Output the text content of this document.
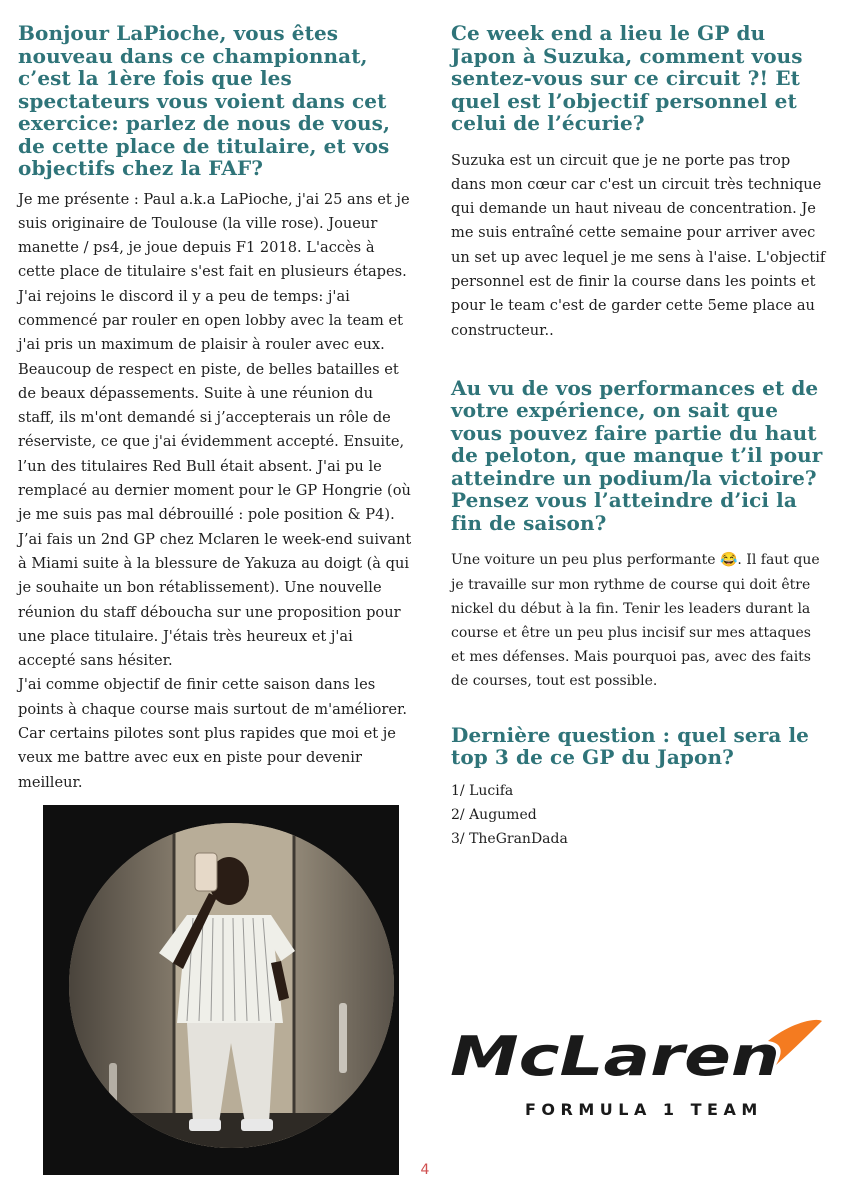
Bonjour LaPioche, vous êtes nouveau dans ce championnat, c’est la 1ère fois que les spectateurs vous voient dans cet exercice: parlez de nous de vous, de cette place de titulaire, et vos objectifs chez la FAF?

Je me présente : Paul a.k.a LaPioche, j'ai 25 ans et je suis originaire de Toulouse (la ville rose). Joueur manette / ps4, je joue depuis F1 2018. L'accès à cette place de titulaire s'est fait en plusieurs étapes. J'ai rejoins le discord il y a peu de temps: j'ai commencé par rouler en open lobby avec la team et j'ai pris un maximum de plaisir à rouler avec eux. Beaucoup de respect en piste, de belles batailles et de beaux dépassements. Suite à une réunion du staff, ils m'ont demandé si j’accepterais un rôle de réserviste, ce que j'ai évidemment accepté. Ensuite, l’un des titulaires Red Bull était absent. J'ai pu le remplacé au dernier moment pour le GP Hongrie (où je me suis pas mal débrouillé : pole position & P4). J’ai fais un 2nd GP chez Mclaren le week-end suivant à Miami suite à la blessure de Yakuza au doigt (à qui je souhaite un bon rétablissement). Une nouvelle réunion du staff déboucha sur une proposition pour une place titulaire. J'étais très heureux et j'ai accepté sans hésiter.
J'ai comme objectif de finir cette saison dans les points à chaque course mais surtout de m'améliorer. Car certains pilotes sont plus rapides que moi et je veux me battre avec eux en piste pour devenir meilleur.

Ce week end a lieu le GP du Japon à Suzuka, comment vous sentez-vous sur ce circuit ?! Et quel est l’objectif personnel et celui de l’écurie?

Suzuka est un circuit que je ne porte pas trop dans mon cœur car c'est un circuit très technique qui demande un haut niveau de concentration. Je me suis entraîné cette semaine pour arriver avec un set up avec lequel je me sens à l'aise. L'objectif personnel est de finir la course dans les points et pour le team c'est de garder cette 5eme place au constructeur..

Au vu de vos performances et de votre expérience, on sait que vous pouvez faire partie du haut de peloton, que manque t’il pour atteindre un podium/la victoire? Pensez vous l’atteindre d’ici la fin de saison?

Une voiture un peu plus performante 😂. Il faut que je travaille sur mon rythme de course qui doit être nickel du début à la fin. Tenir les leaders durant la course et être un peu plus incisif sur mes attaques et mes défenses. Mais pourquoi pas, avec des faits de courses, tout est possible.

Dernière question : quel sera le top 3 de ce GP du Japon?
1/ Lucifa
2/ Augumed
3/ TheGranDada
McLaren
FORMULA 1 TEAM
4
